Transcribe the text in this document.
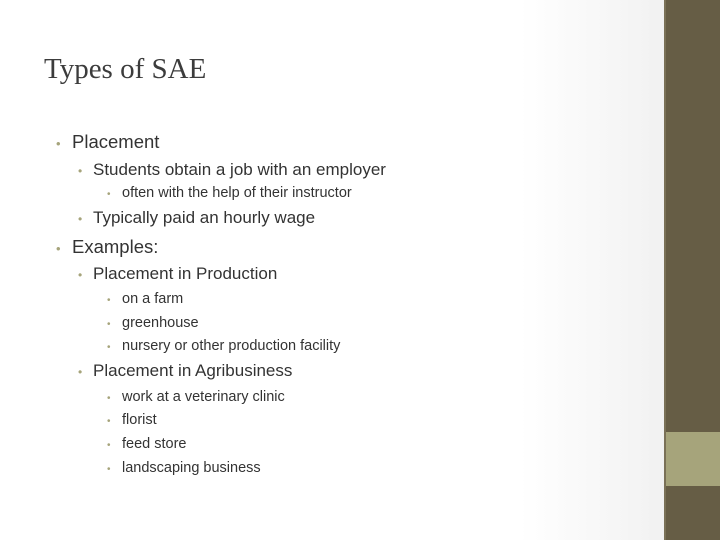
Types of SAE
• Placement
• Students obtain a job with an employer
• often with the help of their instructor
• Typically paid an hourly wage
• Examples:
• Placement in Production
• on a farm
• greenhouse
• nursery or other production facility
• Placement in Agribusiness
• work at a veterinary clinic
• florist
• feed store
• landscaping business
